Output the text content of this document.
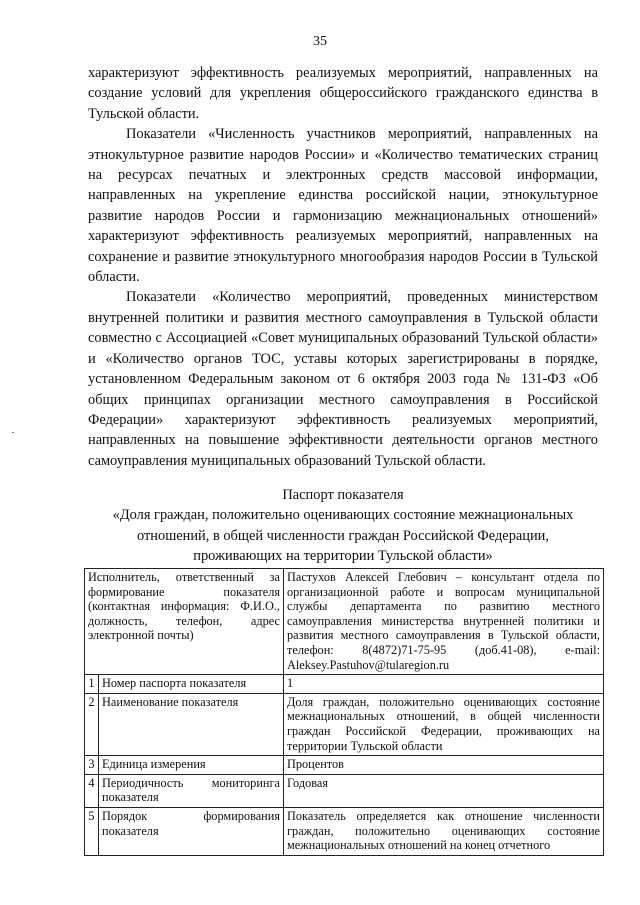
35

характеризуют эффективность реализуемых мероприятий, направленных на создание условий для укрепления общероссийского гражданского единства в Тульской области.

Показатели «Численность участников мероприятий, направленных на этнокультурное развитие народов России» и «Количество тематических страниц на ресурсах печатных и электронных средств массовой информации, направленных на укрепление единства российской нации, этнокультурное развитие народов России и гармонизацию межнациональных отношений» характеризуют эффективность реализуемых мероприятий, направленных на сохранение и развитие этнокультурного многообразия народов России в Тульской области.

Показатели «Количество мероприятий, проведенных министерством внутренней политики и развития местного самоуправления в Тульской области совместно с Ассоциацией «Совет муниципальных образований Тульской области» и «Количество органов ТОС, уставы которых зарегистрированы в порядке, установленном Федеральным законом от 6 октября 2003 года № 131-ФЗ «Об общих принципах организации местного самоуправления в Российской Федерации» характеризуют эффективность реализуемых мероприятий, направленных на повышение эффективности деятельности органов местного самоуправления муниципальных образований Тульской области.

Паспорт показателя
«Доля граждан, положительно оценивающих состояние межнациональных
отношений, в общей численности граждан Российской Федерации,
проживающих на территории Тульской области»
Исполнитель, ответственный за формирование показателя (контактная информация: Ф.И.О., должность, телефон, адрес электронной почты)		Пастухов Алексей Глебович – консультант отдела по организационной работе и вопросам муниципальной службы департамента по развитию местного самоуправления министерства внутренней политики и развития местного самоуправления в Тульской области, телефон: 8(4872)71-75-95 (доб.41-08), e-mail: Aleksey.Pastuhov@tularegion.ru
1	Номер паспорта показателя	1
2	Наименование показателя	Доля граждан, положительно оценивающих состояние межнациональных отношений, в общей численности граждан Российской Федерации, проживающих на территории Тульской области
3	Единица измерения	Процентов
4	Периодичность мониторинга показателя	Годовая
5	Порядок формирования показателя	Показатель определяется как отношение численности граждан, положительно оценивающих состояние межнациональных отношений на конец отчетного
